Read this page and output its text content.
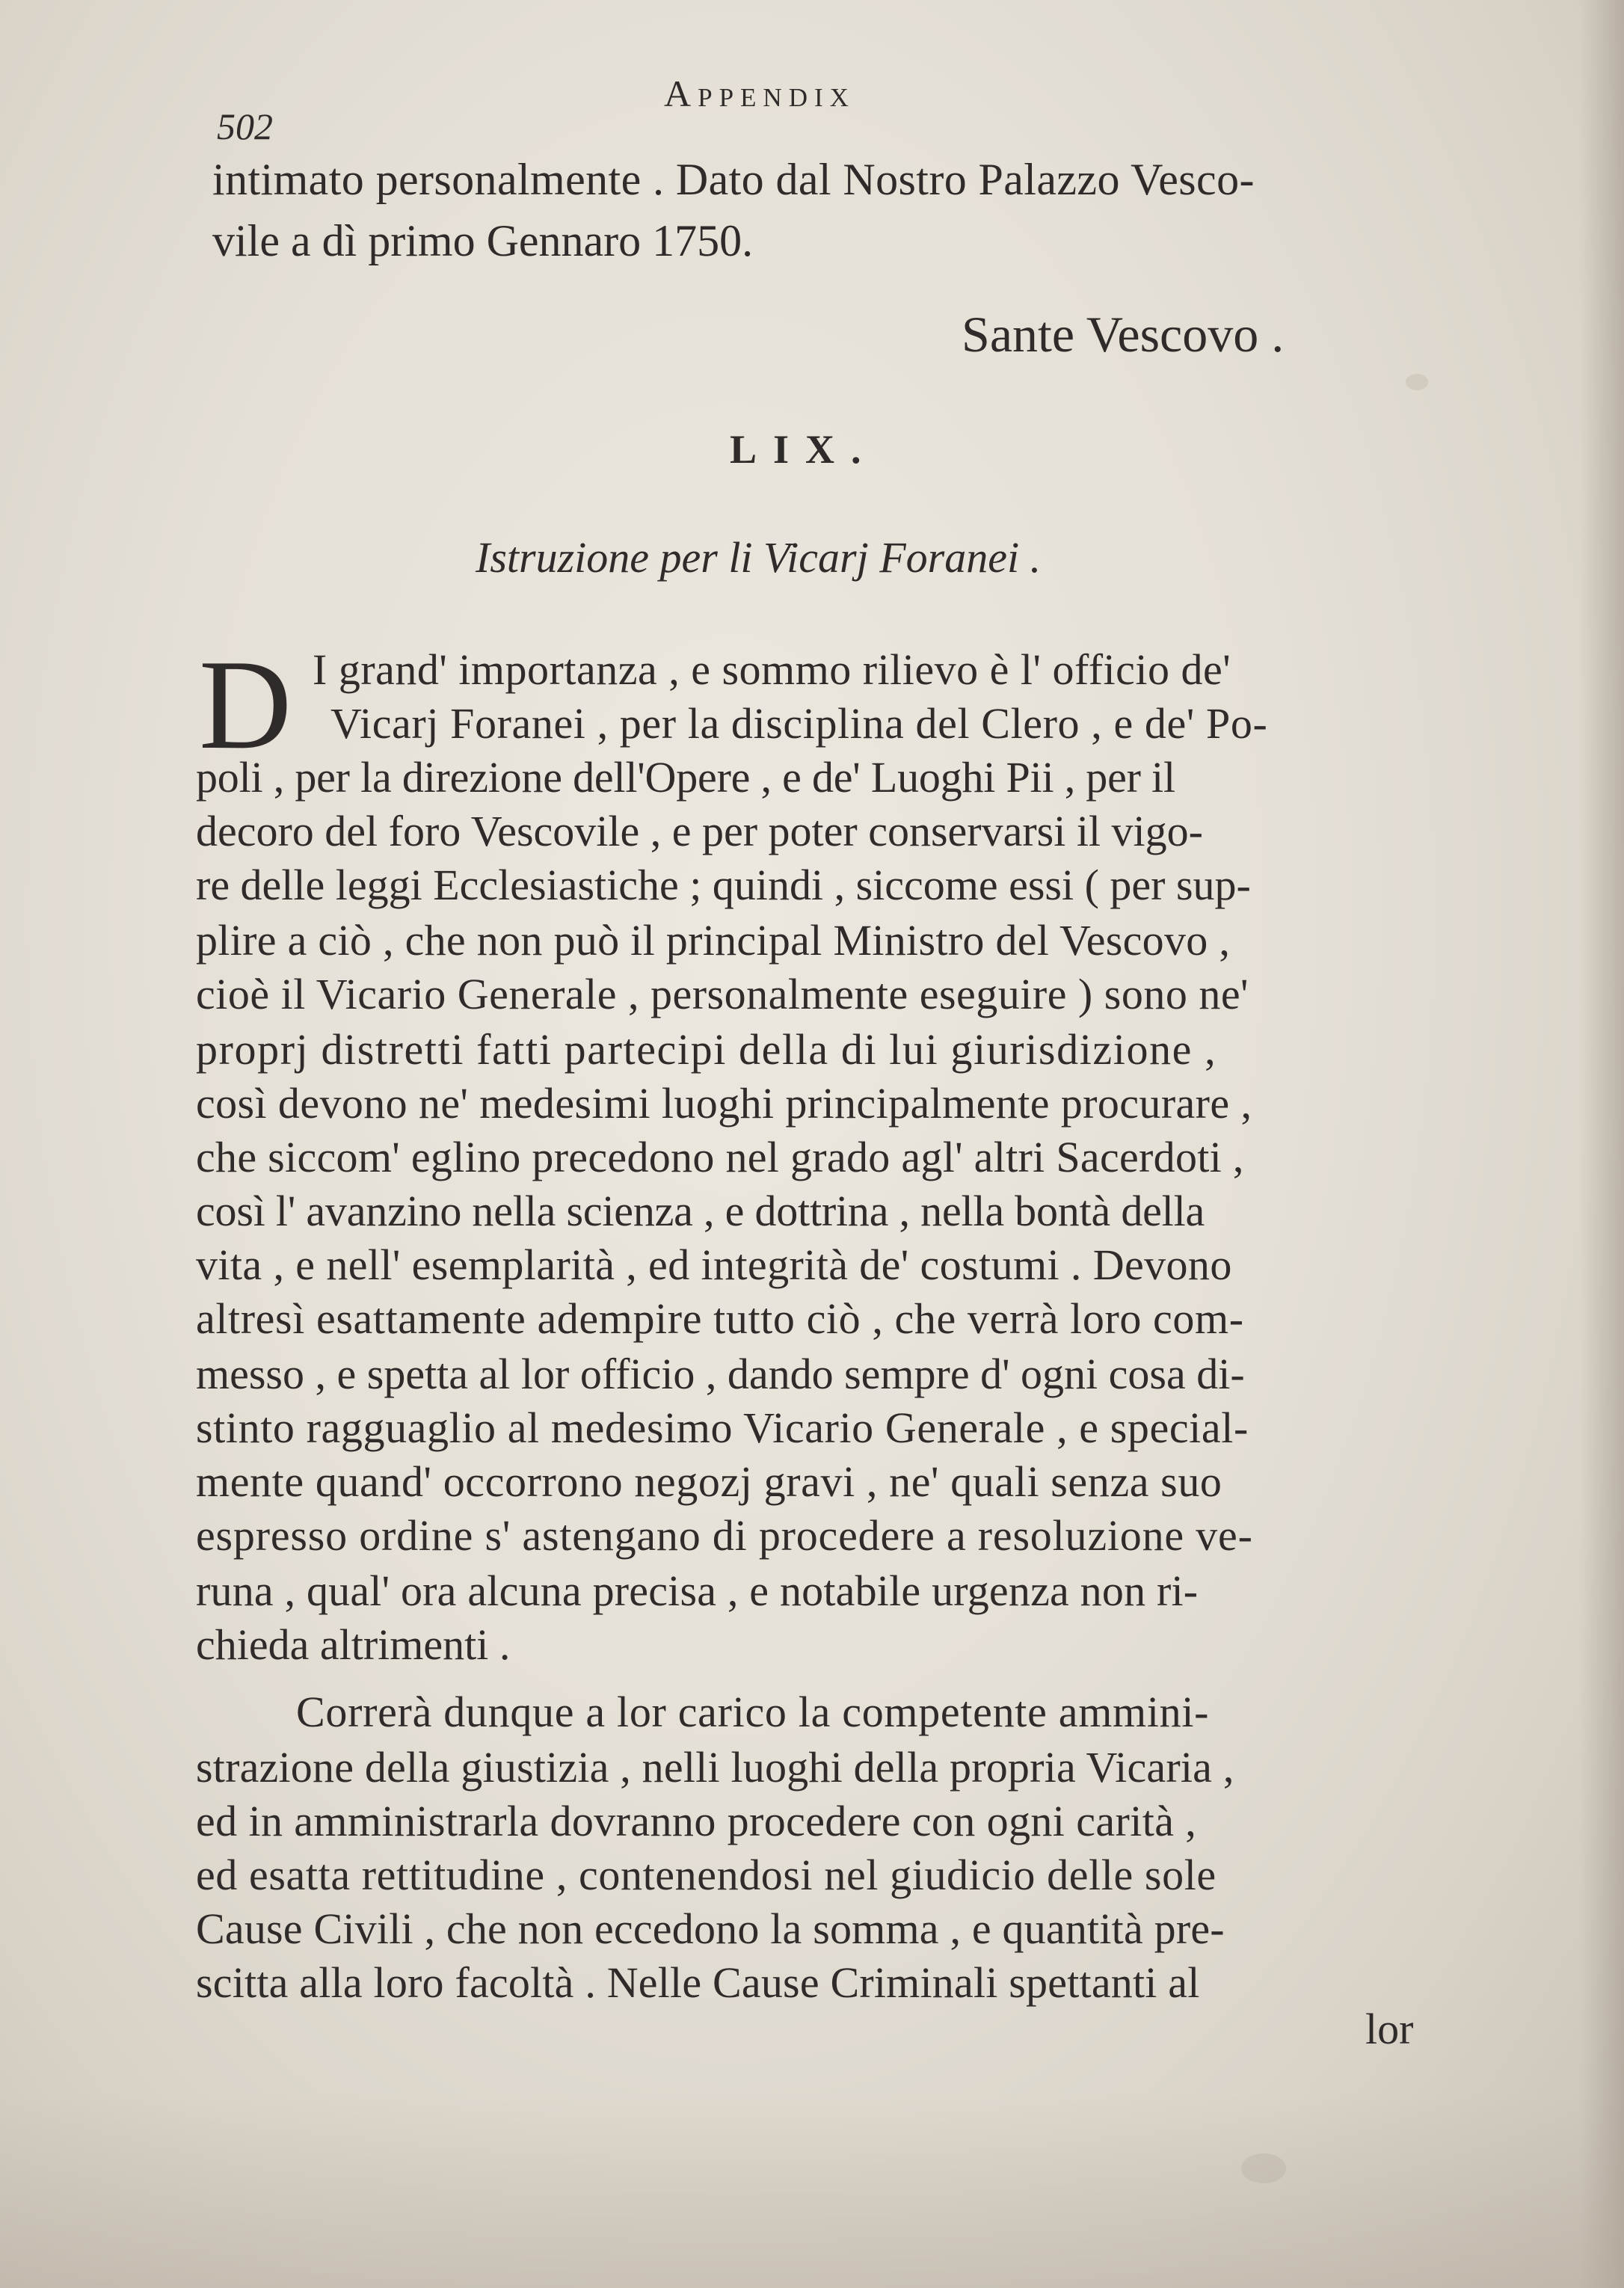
502
Appendix
intimato personalmente . Dato dal Nostro Palazzo Vesco-
vile a dì primo Gennaro 1750.
Sante Vescovo .
LIX.
Istruzione per li Vicarj Foranei .
D I grand' importanza , e sommo rilievo è l' officio de'
Vicarj Foranei , per la disciplina del Clero , e de' Po-
poli , per la direzione dell'Opere , e de' Luoghi Pii , per il
decoro del foro Vescovile , e per poter conservarsi il vigo-
re delle leggi Ecclesiastiche ; quindi , siccome essi ( per sup-
plire a ciò , che non può il principal Ministro del Vescovo ,
cioè il Vicario Generale , personalmente eseguire ) sono ne'
proprj distretti fatti partecipi della di lui giurisdizione ,
così devono ne' medesimi luoghi principalmente procurare ,
che siccom' eglino precedono nel grado agl' altri Sacerdoti ,
così l' avanzino nella scienza , e dottrina , nella bontà della
vita , e nell' esemplarità , ed integrità de' costumi . Devono
altresì esattamente adempire tutto ciò , che verrà loro com-
messo , e spetta al lor officio , dando sempre d' ogni cosa di-
stinto ragguaglio al medesimo Vicario Generale , e special-
mente quand' occorrono negozj gravi , ne' quali senza suo
espresso ordine s' astengano di procedere a resoluzione ve-
runa , qual' ora alcuna precisa , e notabile urgenza non ri-
chieda altrimenti .
Correrà dunque a lor carico la competente ammini-
strazione della giustizia , nelli luoghi della propria Vicaria ,
ed in amministrarla dovranno procedere con ogni carità ,
ed esatta rettitudine , contenendosi nel giudicio delle sole
Cause Civili , che non eccedono la somma , e quantità pre-
scitta alla loro facoltà . Nelle Cause Criminali spettanti al
lor
